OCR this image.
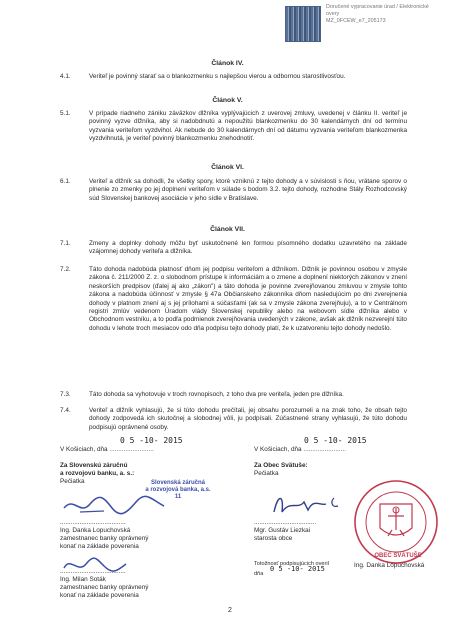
Doručené vypracovanie úrad / Elektronické
overy
MZ_0FCEW_e7_205173
Článok IV.
4.1.	Veriteľ je povinný starať sa o blankozmenku s najlepšou vierou a odbornou starostlivosťou.
Článok V.
5.1.	V prípade riadneho zániku záväzkov dlžníka vyplývajúcich z uverovej zmluvy, uvedenej v článku II. veriteľ je povinný vyzve dlžníka, aby si nadobdnutú a nepoužitú blankozmenku do 30 kalendárnych dní od termínu vyzvania veriteľom vyzdvihol. Ak nebude do 30 kalendárnych dní od dátumu vyzvania veriteľom blankozmenka vyzdvihnutá, je veriteľ povinný blankozmenku znehodnotiť.
Článok VI.
6.1.	Veriteľ a dlžník sa dohodli, že všetky spory, ktoré vzniknú z tejto dohody a v súvislosti s ňou, vrátane sporov o plnenie zo zmenky po jej doplnení veriteľom v súlade s bodom 3.2. tejto dohody, rozhodne Stály Rozhodcovský súd Slovenskej bankovej asociácie v jeho sídle v Bratislave.
Článok VII.
7.1.	Zmeny a doplnky dohody môžu byť uskutočnené len formou písomného dodatku uzavretého na základe vzájomnej dohody veriteľa a dlžníka.
7.2.	Táto dohoda nadobúda platnosť dňom jej podpisu veriteľom a dlžníkom. Dlžník je povinnou osobou v zmysle zákona č. 211/2000 Z. z. o slobodnom prístupe k informáciám a o zmene a doplnení niektorých zákonov v znení neskorších predpisov (ďalej aj ako „zákon") a táto dohoda je povinne zverejňovanou zmluvou v zmysle tohto zákona a nadobúda účinnosť v zmysle § 47a Občianskeho zákonníka dňom nasledujúcim po dni zverejnenia dohody v platnom znení aj s jej prílohami a súčasťami (ak sa v zmysle zákona zverejňuju), a to v Centrálnom registri zmlúv vedenom Úradom vlády Slovenskej republiky alebo na webovom sídle dlžníka alebo v Obchodnom vestníku, a to podľa podmienok zverejňovania uvedených v zákone, avšak ak dlžník nezverejní túto dohodu v lehote troch mesiacov odo dňa podpisu tejto dohody platí, že k uzatvoreniu tejto dohody nedošlo.
7.3.	Táto dohoda sa vyhotovuje v troch rovnopisoch, z toho dva pre veriteľa, jeden pre dlžníka.
7.4.	Veriteľ a dlžník vyhlasujú, že si túto dohodu prečítali, jej obsahu porozumeli a na znak toho, že obsah tejto dohody zodpovedá ich skutočnej a slobodnej vôli, ju podpísali. Zúčastnené strany vyhlasujú, že túto dohodu podpisujú oprávnené osoby.
V Košiciach, dňa .........................
0 5 -10- 2015
V Košiciach, dňa ........................
0 5 -10- 2015
Za Slovenskú záručnú
a rozvojovú banku, a. s.:
Pečiatka
Za Obec Svätuše:
Pečiatka
Slovenská záručná
a rozvojová banka, a.s.
11
.....................................
Ing. Danka Lopuchovská
zamestnanec banky oprávnený
konať na základe poverenia
...................................
Mgr. Gustáv Liezkai
starosta obce
OBEC SVÄTUŠE
.....................................
Ing. Milan Soták
zamestnanec banky oprávnený
konať na základe poverenia
Totožnosť podpisujúcich overil
dňa
0 5 -10- 2015	Ing. Danka Lopuchovská
2
